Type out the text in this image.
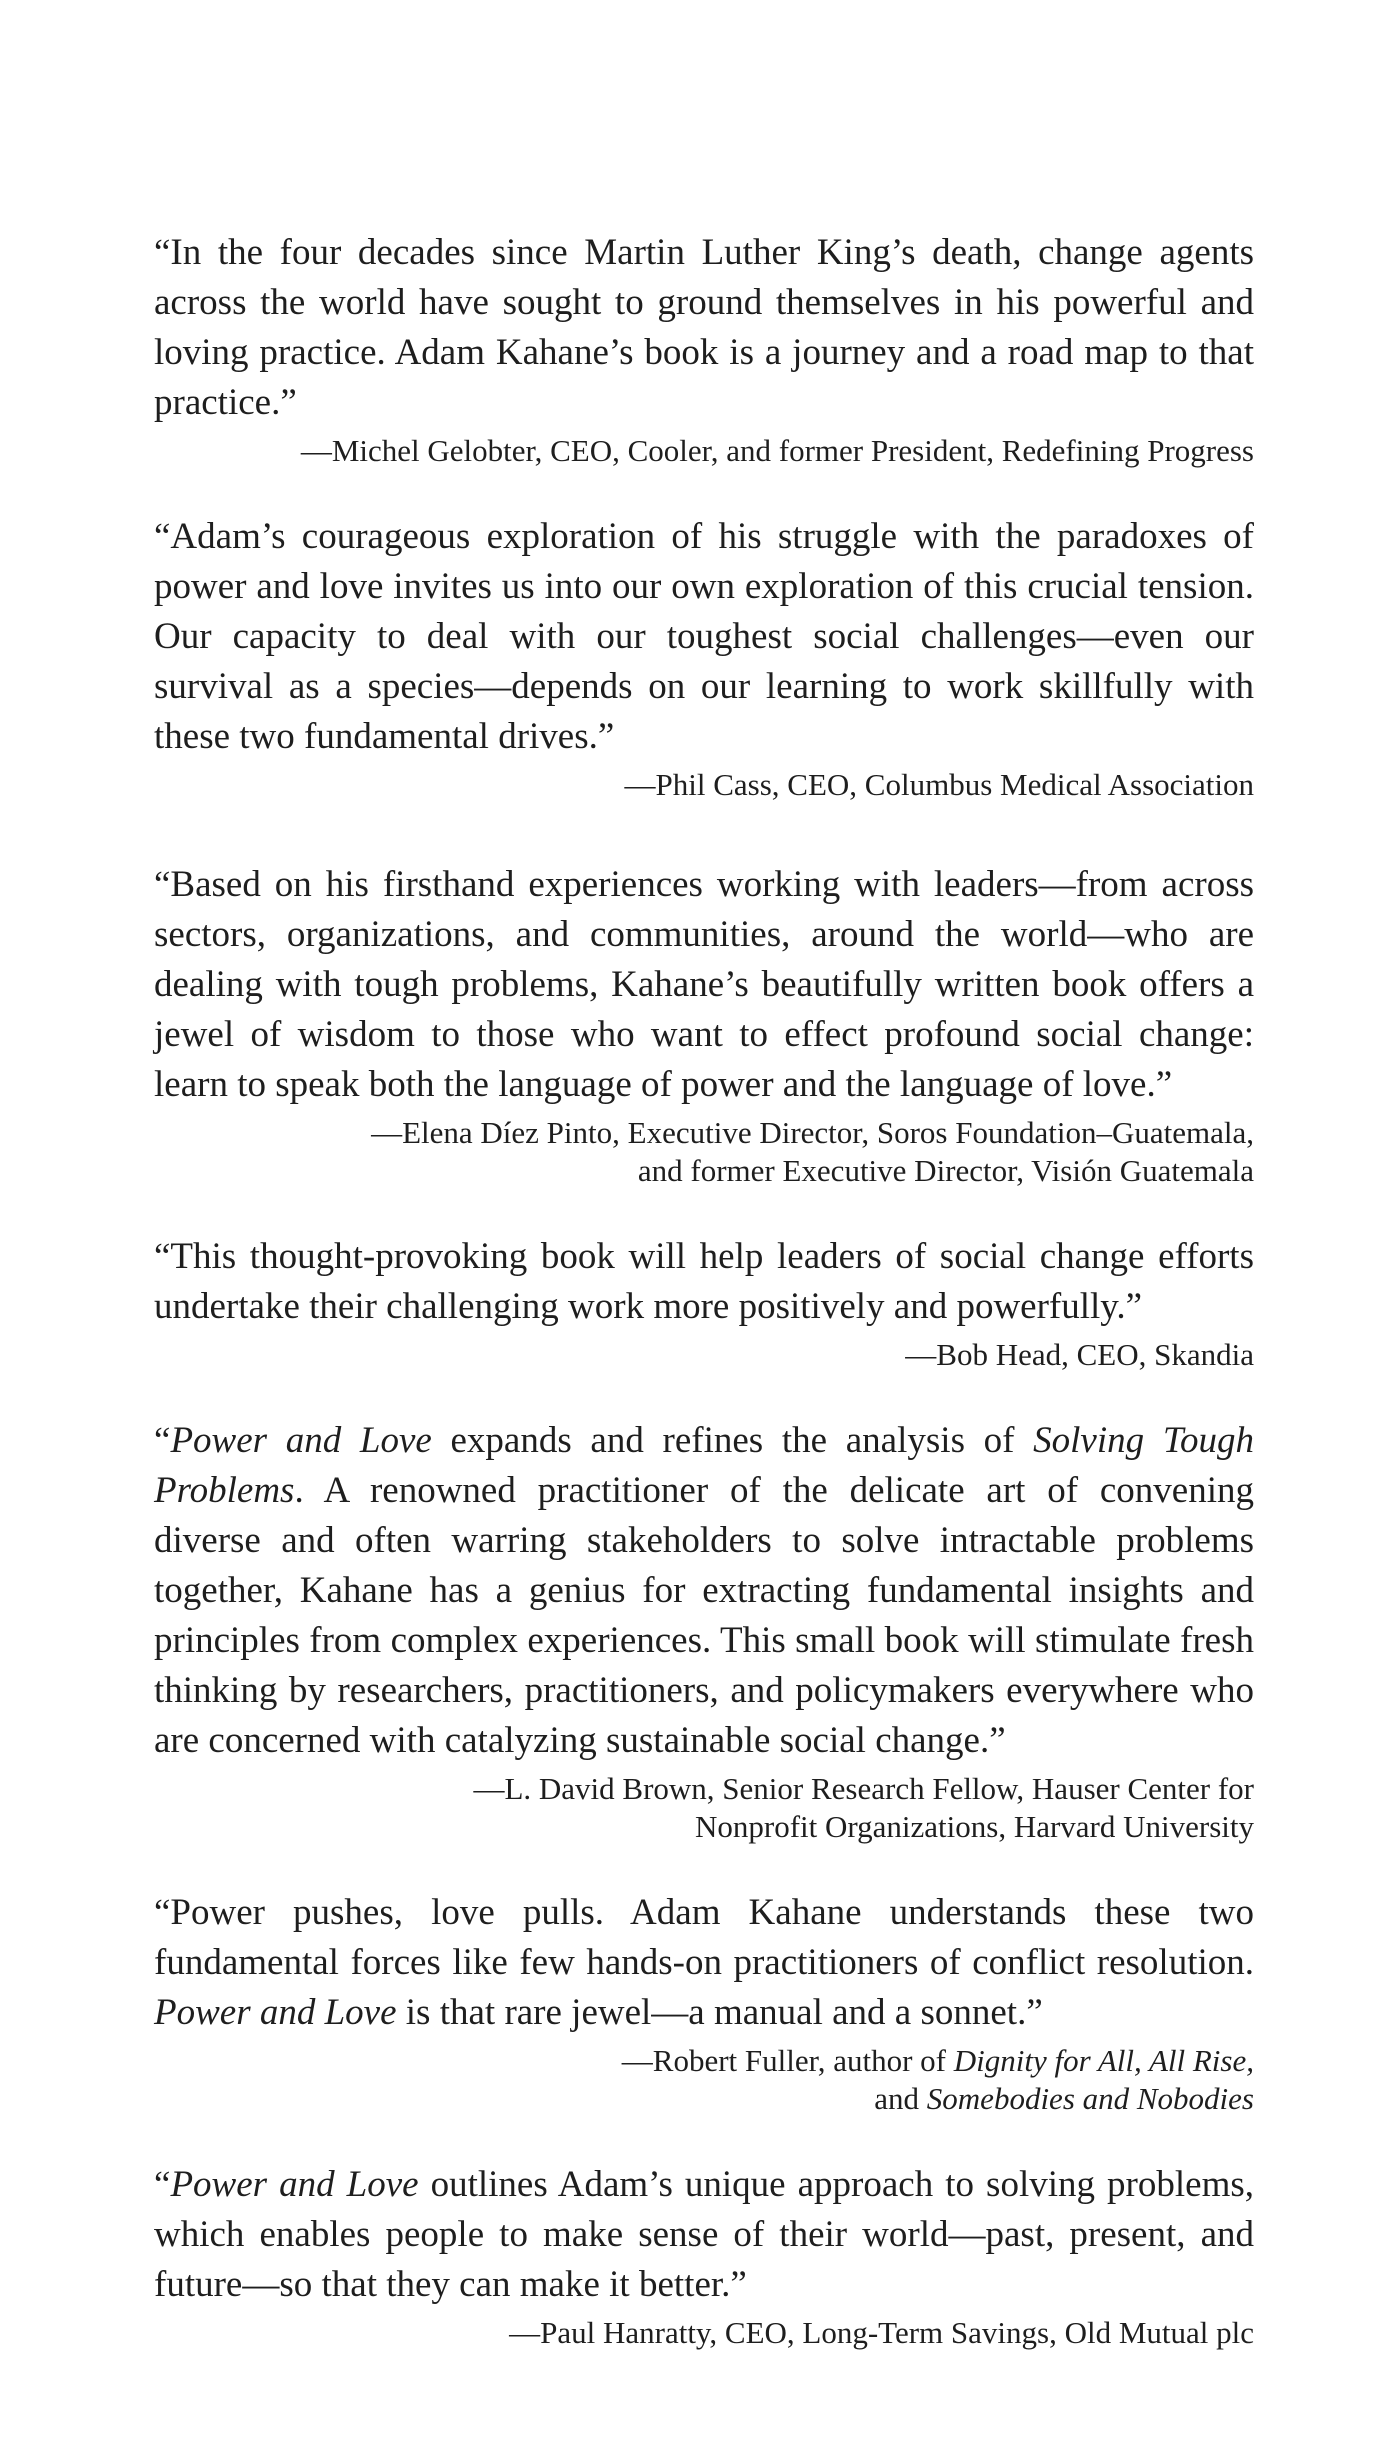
“In the four decades since Martin Luther King’s death, change agents across the world have sought to ground themselves in his powerful and loving practice. Adam Kahane’s book is a journey and a road map to that practice.”

—Michel Gelobter, CEO, Cooler, and former President, Redefining Progress

“Adam’s courageous exploration of his struggle with the paradoxes of power and love invites us into our own exploration of this crucial tension. Our capacity to deal with our toughest social challenges—even our survival as a species—depends on our learning to work skillfully with these two fundamental drives.”

—Phil Cass, CEO, Columbus Medical Association

“Based on his firsthand experiences working with leaders—from across sectors, organizations, and communities, around the world—who are dealing with tough problems, Kahane’s beautifully written book offers a jewel of wisdom to those who want to effect profound social change: learn to speak both the language of power and the language of love.”

—Elena Díez Pinto, Executive Director, Soros Foundation–Guatemala,
and former Executive Director, Visión Guatemala

“This thought-provoking book will help leaders of social change efforts undertake their challenging work more positively and powerfully.”

—Bob Head, CEO, Skandia

“Power and Love expands and refines the analysis of Solving Tough Problems. A renowned practitioner of the delicate art of convening diverse and often warring stakeholders to solve intractable problems together, Kahane has a genius for extracting fundamental insights and principles from complex experiences. This small book will stimulate fresh thinking by researchers, practitioners, and policymakers everywhere who are concerned with catalyzing sustainable social change.”

—L. David Brown, Senior Research Fellow, Hauser Center for
Nonprofit Organizations, Harvard University

“Power pushes, love pulls. Adam Kahane understands these two fundamental forces like few hands-on practitioners of conflict resolution. Power and Love is that rare jewel—a manual and a sonnet.”

—Robert Fuller, author of Dignity for All, All Rise,
and Somebodies and Nobodies

“Power and Love outlines Adam’s unique approach to solving problems, which enables people to make sense of their world—past, present, and future—so that they can make it better.”

—Paul Hanratty, CEO, Long-Term Savings, Old Mutual plc
